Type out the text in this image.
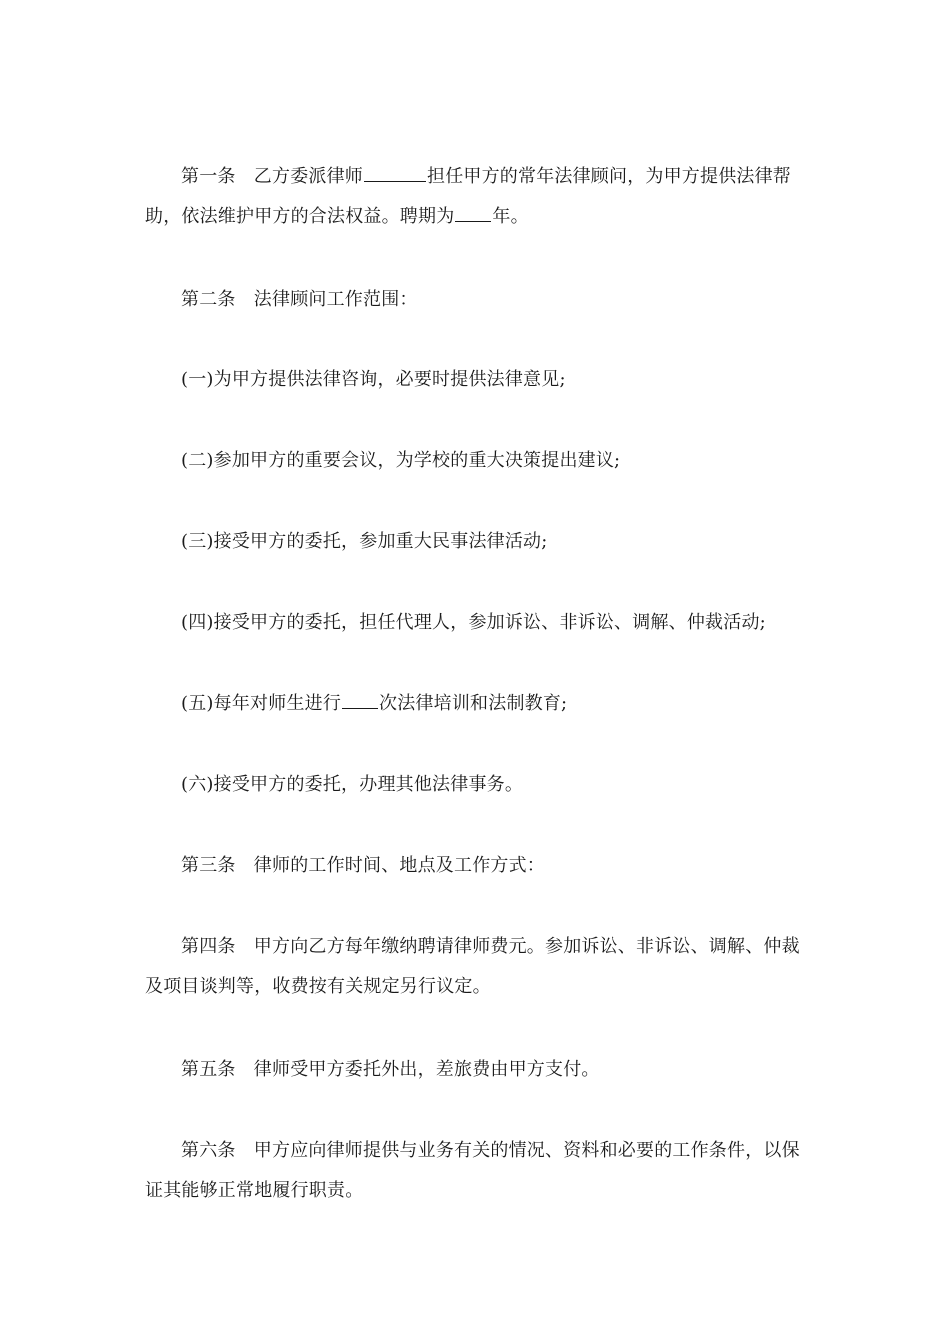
第一条　乙方委派律师	担任甲方的常年法律顾问，为甲方提供法律帮助，依法维护甲方的合法权益。聘期为 年。

第二条　法律顾问工作范围：

(一)为甲方提供法律咨询，必要时提供法律意见;

(二)参加甲方的重要会议，为学校的重大决策提出建议;

(三)接受甲方的委托，参加重大民事法律活动;

(四)接受甲方的委托，担任代理人，参加诉讼、非诉讼、调解、仲裁活动;

(五)每年对师生进行 次法律培训和法制教育;

(六)接受甲方的委托，办理其他法律事务。

第三条　律师的工作时间、地点及工作方式：

第四条　甲方向乙方每年缴纳聘请律师费元。参加诉讼、非诉讼、调解、仲裁及项目谈判等，收费按有关规定另行议定。

第五条　律师受甲方委托外出，差旅费由甲方支付。

第六条　甲方应向律师提供与业务有关的情况、资料和必要的工作条件，以保证其能够正常地履行职责。
